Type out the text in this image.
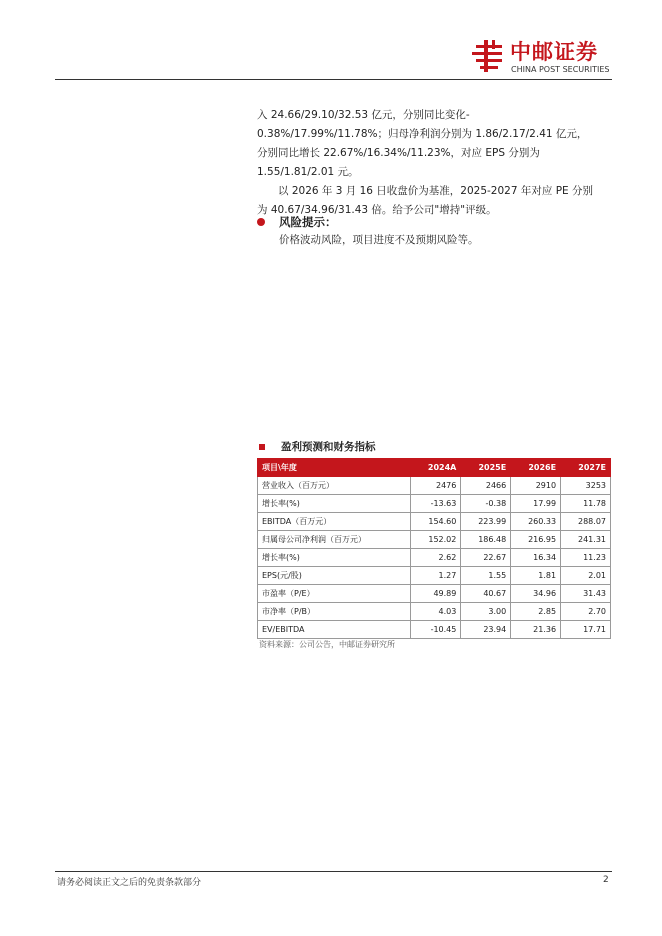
中邮证券
CHINA POST SECURITIES
入 24.66/29.10/32.53 亿元，分别同比变化-
0.38%/17.99%/11.78%；归母净利润分别为 1.86/2.17/2.41 亿元，
分别同比增长 22.67%/16.34%/11.23%，对应 EPS 分别为
1.55/1.81/2.01 元。
以 2026 年 3 月 16 日收盘价为基准，2025-2027 年对应 PE 分别
为 40.67/34.96/31.43 倍。给予公司"增持"评级。
风险提示：
价格波动风险，项目进度不及预期风险等。
盈利预测和财务指标
项目\年度	2024A	2025E	2026E	2027E
营业收入（百万元）	2476	2466	2910	3253
增长率(%)	-13.63	-0.38	17.99	11.78
EBITDA（百万元）	154.60	223.99	260.33	288.07
归属母公司净利润（百万元）	152.02	186.48	216.95	241.31
增长率(%)	2.62	22.67	16.34	11.23
EPS(元/股)	1.27	1.55	1.81	2.01
市盈率（P/E）	49.89	40.67	34.96	31.43
市净率（P/B）	4.03	3.00	2.85	2.70
EV/EBITDA	-10.45	23.94	21.36	17.71
资料来源：公司公告，中邮证券研究所
请务必阅读正文之后的免责条款部分	2
